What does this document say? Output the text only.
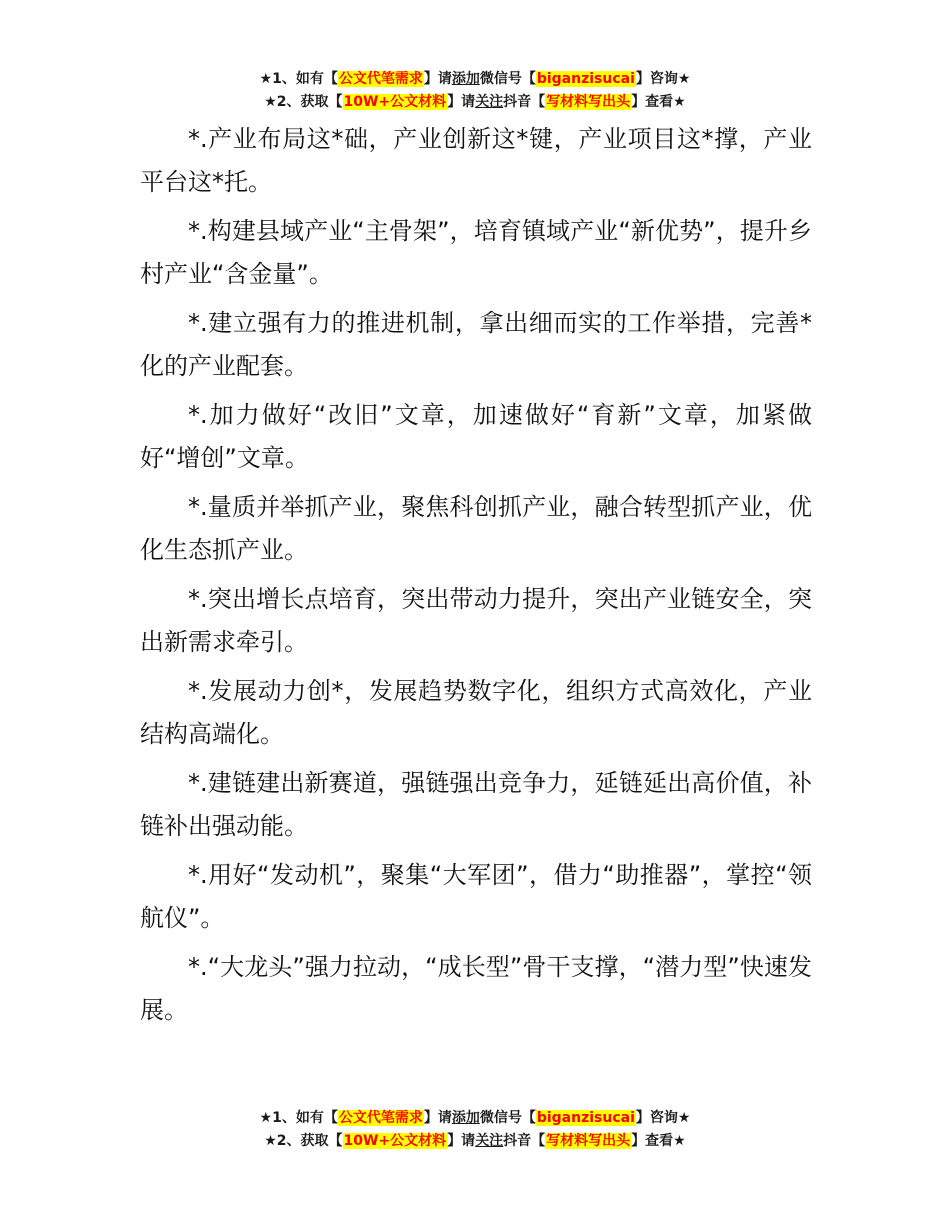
★1、如有【公文代笔需求】请添加微信号【biganzisucai】咨询★
★2、获取【10W+公文材料】请关注抖音【写材料写出头】查看★

*.产业布局这*础，产业创新这*键，产业项目这*撑，产业平台这*托。

*.构建县域产业“主骨架”，培育镇域产业“新优势”，提升乡村产业“含金量”。

*.建立强有力的推进机制，拿出细而实的工作举措，完善*化的产业配套。

*.加力做好“改旧”文章，加速做好“育新”文章，加紧做好“增创”文章。

*.量质并举抓产业，聚焦科创抓产业，融合转型抓产业，优化生态抓产业。

*.突出增长点培育，突出带动力提升，突出产业链安全，突出新需求牵引。

*.发展动力创*，发展趋势数字化，组织方式高效化，产业结构高端化。

*.建链建出新赛道，强链强出竞争力，延链延出高价值，补链补出强动能。

*.用好“发动机”，聚集“大军团”，借力“助推器”，掌控“领航仪”。

*.“大龙头”强力拉动，“成长型”骨干支撑，“潜力型”快速发展。

★1、如有【公文代笔需求】请添加微信号【biganzisucai】咨询★
★2、获取【10W+公文材料】请关注抖音【写材料写出头】查看★
